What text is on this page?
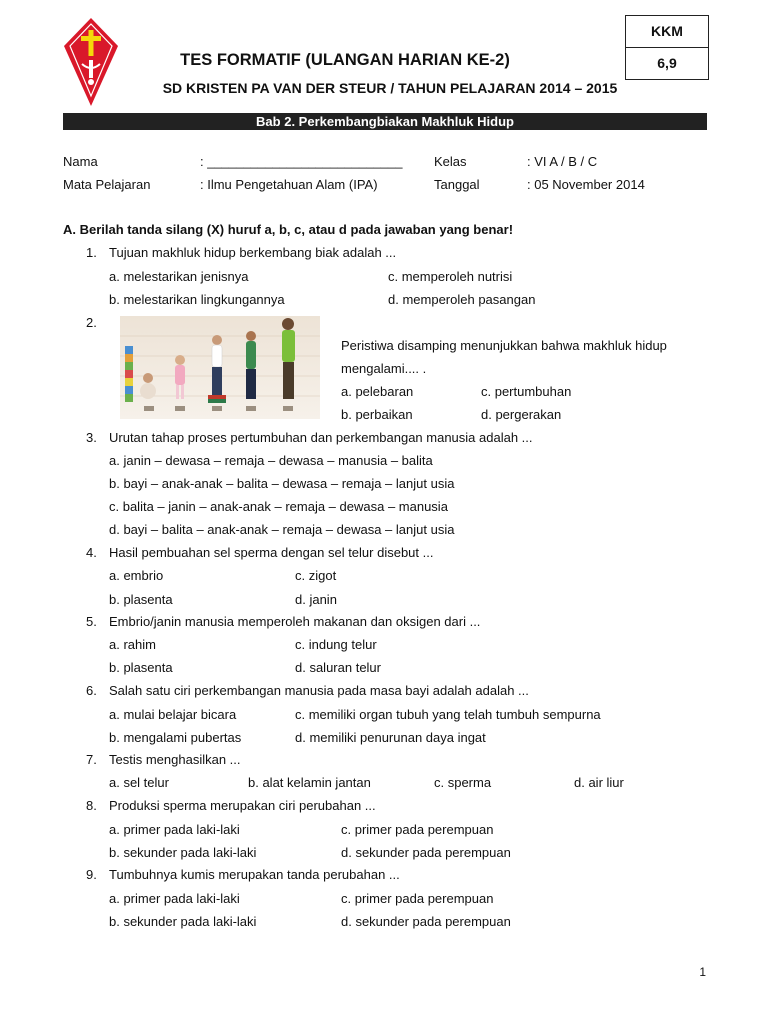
TES FORMATIF (ULANGAN HARIAN KE-2)
SD KRISTEN PA VAN DER STEUR / TAHUN PELAJARAN 2014 – 2015
KKM
6,9
Bab 2. Perkembangbiakan Makhluk Hidup
Nama	: ___________________________ Kelas	: VI A / B / C
Mata Pelajaran	: Ilmu Pengetahuan Alam (IPA)	Tanggal	: 05 November 2014
A. Berilah tanda silang (X) huruf a, b, c, atau d pada jawaban yang benar!
1. Tujuan makhluk hidup berkembang biak adalah ...
a. melestarikan jenisnya	c. memperoleh nutrisi
b. melestarikan lingkungannya	d. memperoleh pasangan
2.
Peristiwa disamping menunjukkan bahwa makhluk hidup
mengalami.... .
a. pelebaran	c. pertumbuhan
b. perbaikan	d. pergerakan
3. Urutan tahap proses pertumbuhan dan perkembangan manusia adalah ...
a. janin – dewasa – remaja – dewasa – manusia – balita
b. bayi – anak-anak – balita – dewasa – remaja – lanjut usia
c. balita – janin – anak-anak – remaja – dewasa – manusia
d. bayi – balita – anak-anak – remaja – dewasa – lanjut usia
4. Hasil pembuahan sel sperma dengan sel telur disebut ...
a. embrio	c. zigot
b. plasenta	d. janin
5. Embrio/janin manusia memperoleh makanan dan oksigen dari ...
a. rahim	c. indung telur
b. plasenta	d. saluran telur
6. Salah satu ciri perkembangan manusia pada masa bayi adalah adalah ...
a. mulai belajar bicara	c. memiliki organ tubuh yang telah tumbuh sempurna
b. mengalami pubertas	d. memiliki penurunan daya ingat
7. Testis menghasilkan ...
a. sel telur	b. alat kelamin jantan	c. sperma	d. air liur
8. Produksi sperma merupakan ciri perubahan ...
a. primer pada laki-laki	c. primer pada perempuan
b. sekunder pada laki-laki	d. sekunder pada perempuan
9. Tumbuhnya kumis merupakan tanda perubahan ...
a. primer pada laki-laki	c. primer pada perempuan
b. sekunder pada laki-laki	d. sekunder pada perempuan
1
